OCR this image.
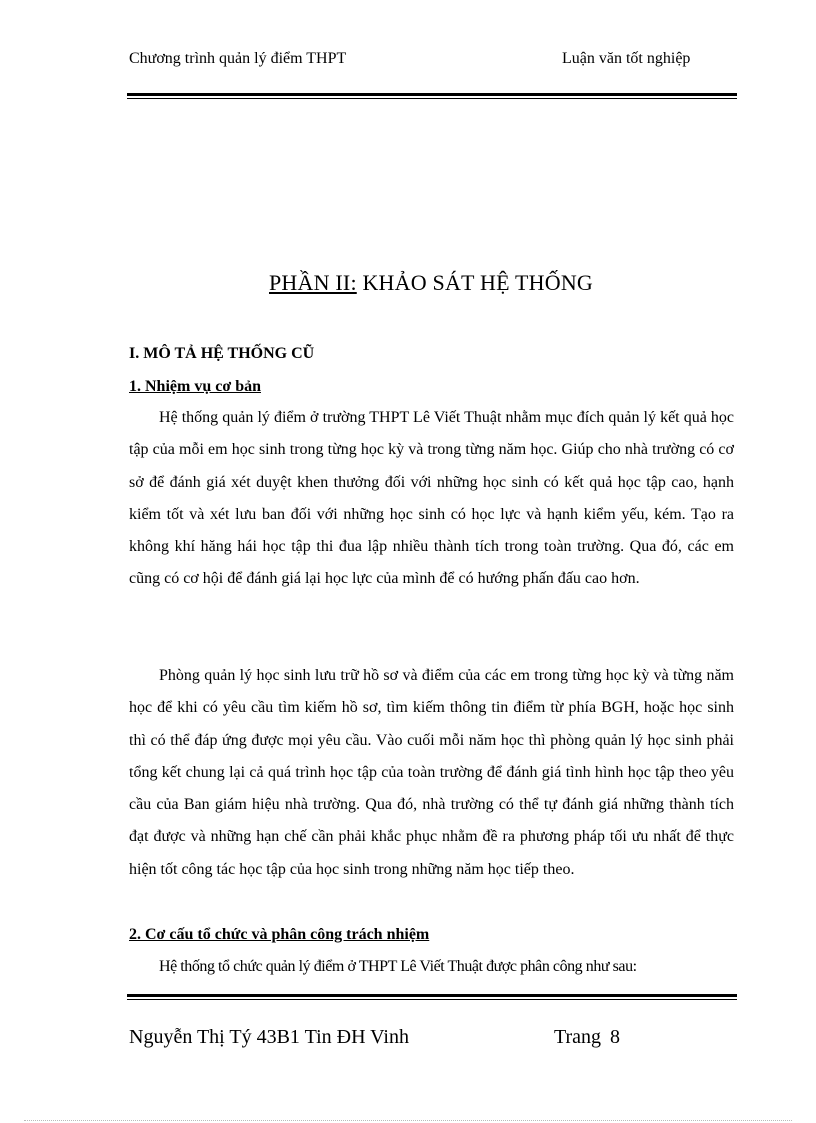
Chương trình quản lý điểm THPT	Luận văn tốt nghiệp
PHẦN II: KHẢO SÁT HỆ THỐNG
I. MÔ TẢ HỆ THỐNG CŨ
1. Nhiệm vụ cơ bản

Hệ thống quản lý điểm ở trường THPT Lê Viết Thuật nhằm mục đích quản lý kết quả học tập của mỗi em học sinh trong từng học kỳ và trong từng năm học. Giúp cho nhà trường có cơ sở để đánh giá xét duyệt khen thưởng đối với những học sinh có kết quả học tập cao, hạnh kiểm tốt và xét lưu ban đối với những học sinh có học lực và hạnh kiểm yếu, kém. Tạo ra không khí hăng hái học tập thi đua lập nhiều thành tích trong toàn trường. Qua đó, các em cũng có cơ hội để đánh giá lại học lực của mình để có hướng phấn đấu cao hơn.

Phòng quản lý học sinh lưu trữ hồ sơ và điểm của các em trong từng học kỳ và từng năm học để khi có yêu cầu tìm kiếm hồ sơ, tìm kiếm thông tin điểm từ phía BGH, hoặc học sinh thì có thể đáp ứng được mọi yêu cầu. Vào cuối mỗi năm học thì phòng quản lý học sinh phải tổng kết chung lại cả quá trình học tập của toàn trường để đánh giá tình hình học tập theo yêu cầu của Ban giám hiệu nhà trường. Qua đó, nhà trường có thể tự đánh giá những thành tích đạt được và những hạn chế cần phải khắc phục nhằm đề ra phương pháp tối ưu nhất để thực hiện tốt công tác học tập của học sinh trong những năm học tiếp theo.

2. Cơ cấu tổ chức và phân công trách nhiệm

Hệ thống tổ chức quản lý điểm ở THPT Lê Viết Thuật được phân công như sau:

Nguyễn Thị Tý 43B1 Tin ĐH Vinh	Trang 8
